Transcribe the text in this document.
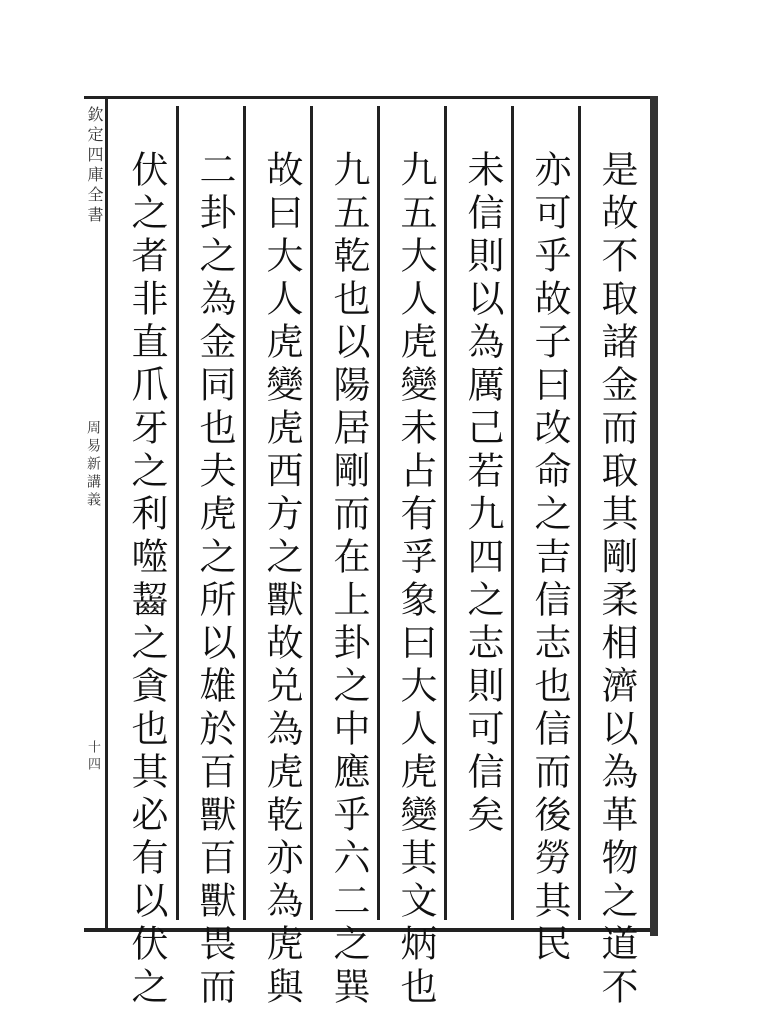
欽定四庫全書
周易新講義
十四	是故不取諸金而取其剛柔相濟以為革物之道不
亦可乎故子曰改命之吉信志也信而後勞其民
未信則以為厲己若九四之志則可信矣
九五大人虎變未占有孚象曰大人虎變其文炳也
九五乾也以陽居剛而在上卦之中應乎六二之巽
故曰大人虎變虎西方之獸故兑為虎乾亦為虎與
二卦之為金同也夫虎之所以雄於百獸百獸畏而
伏之者非直爪牙之利噬齧之貪也其必有以伏之
